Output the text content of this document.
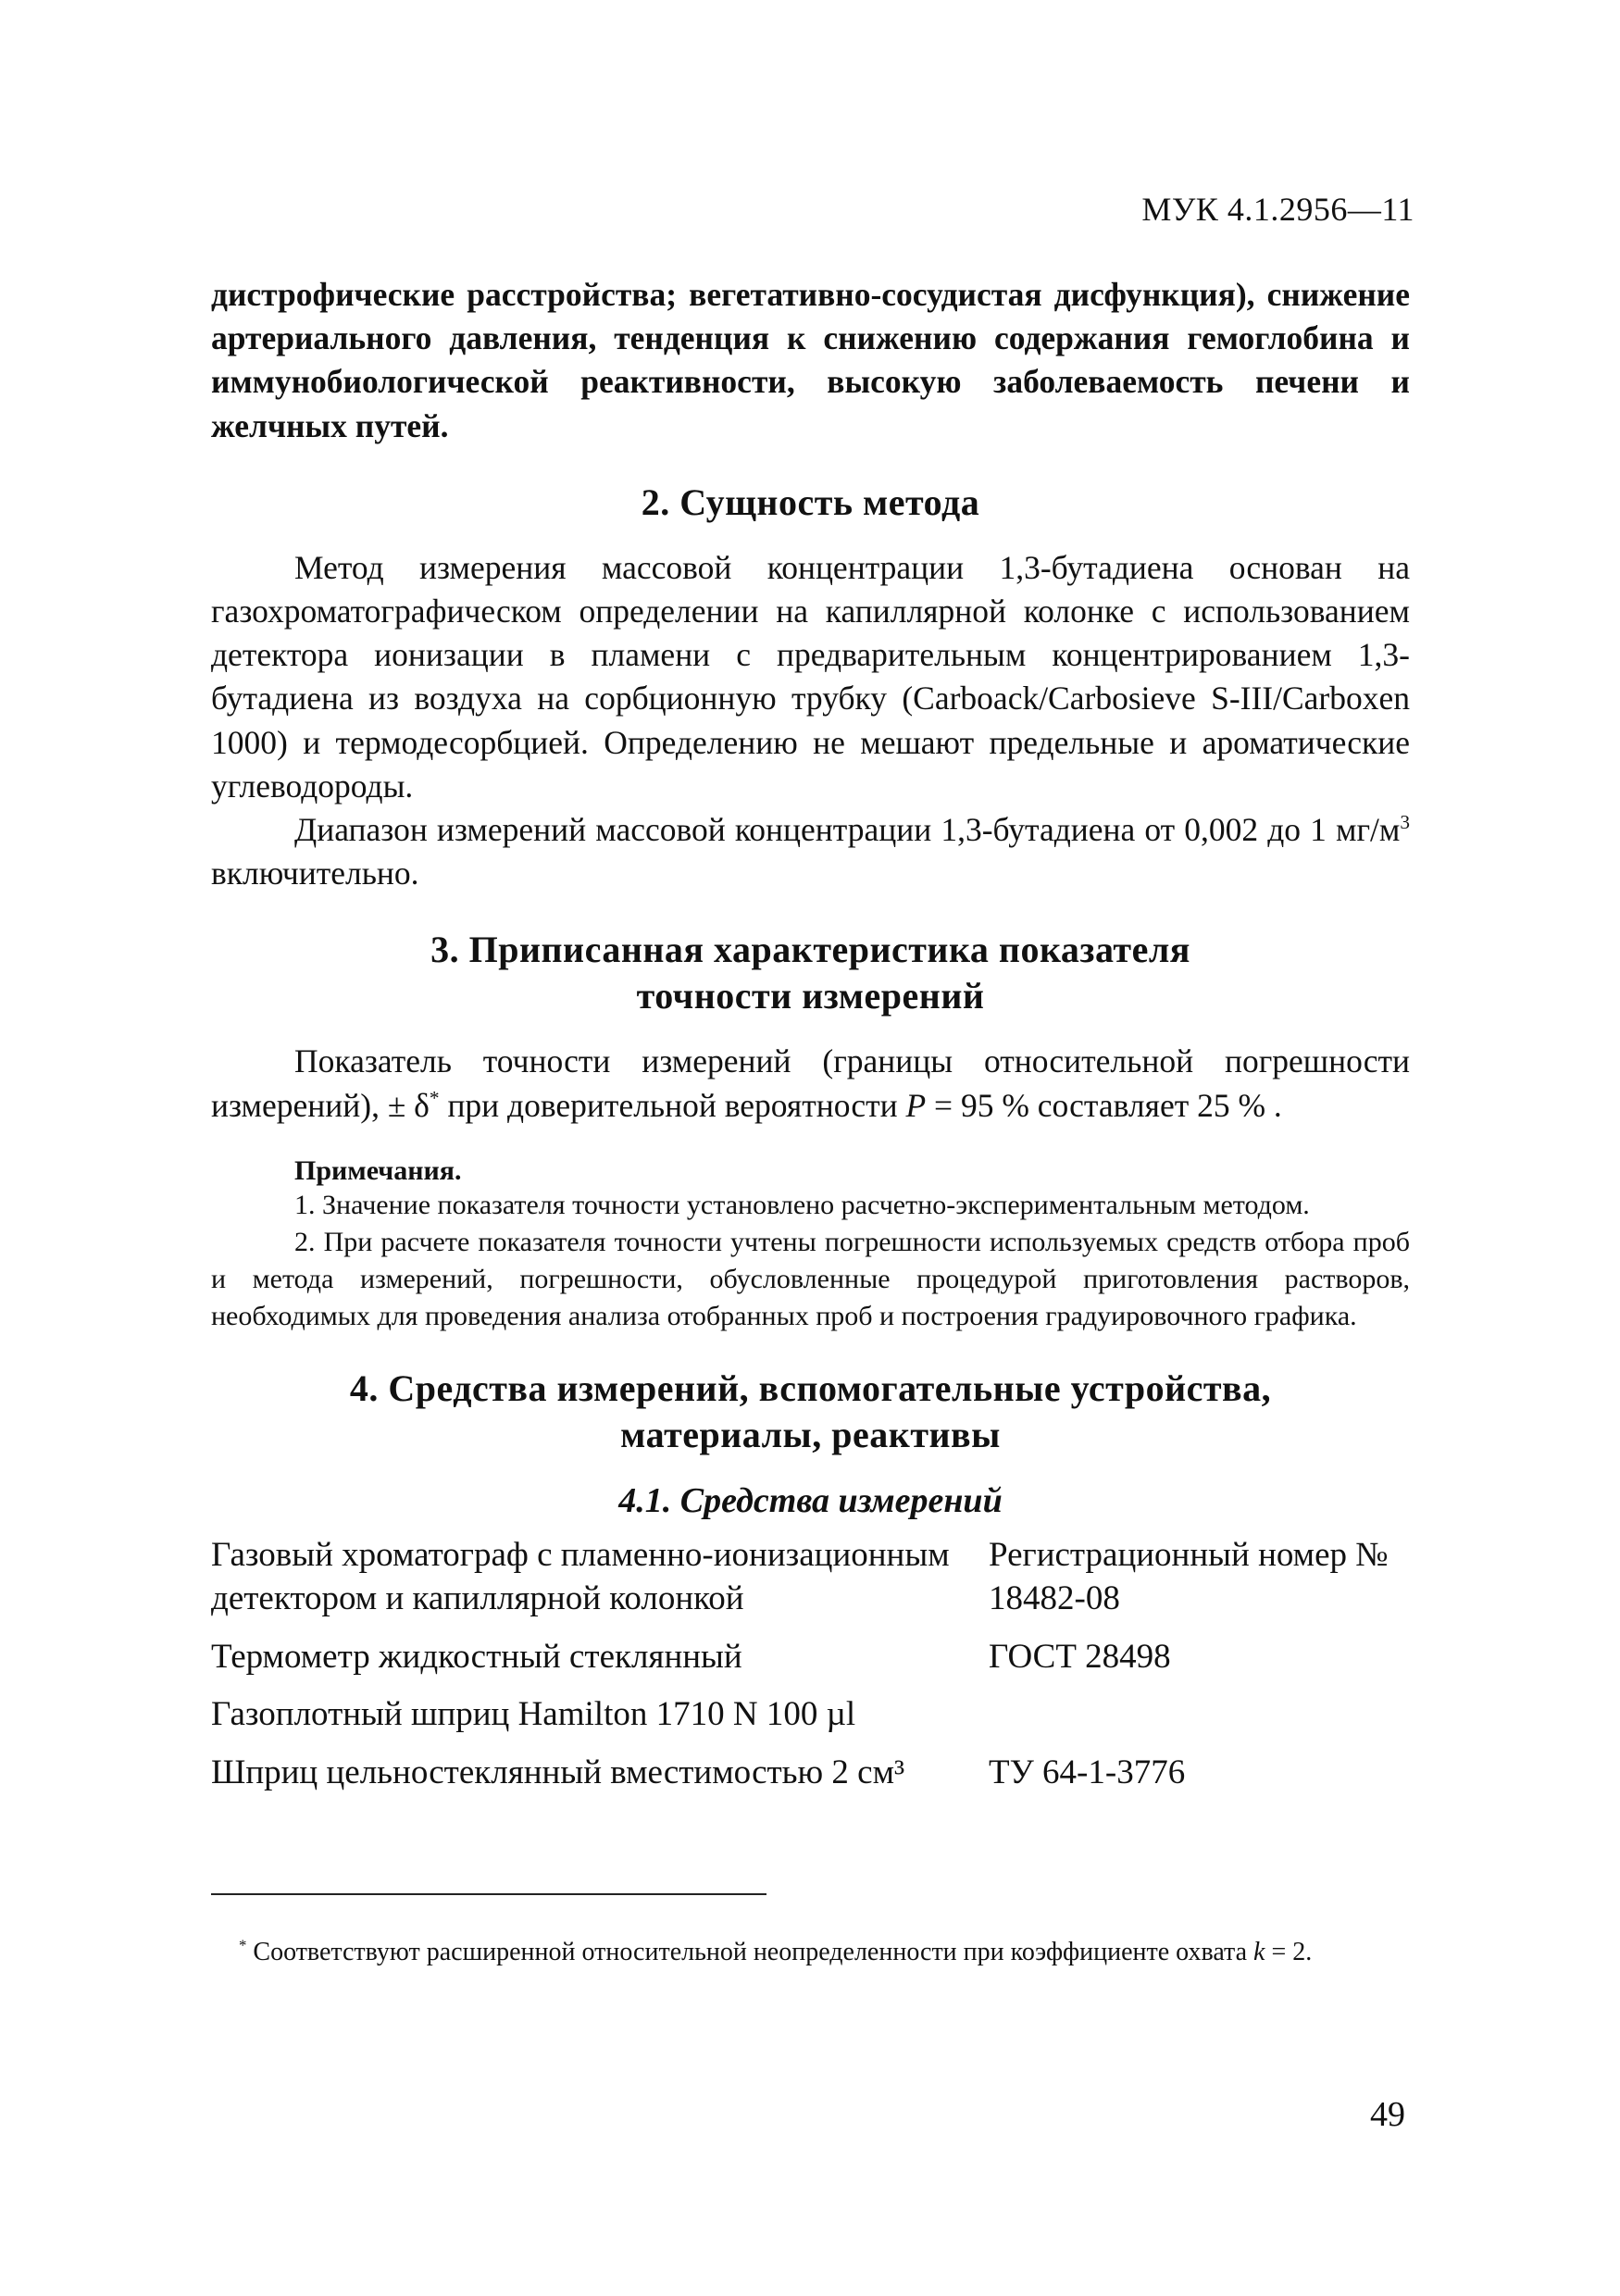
МУК 4.1.2956—11

дистрофические расстройства; вегетативно-сосудистая дисфункция), снижение артериального давления, тенденция к снижению содержания гемоглобина и иммунобиологической реактивности, высокую заболеваемость печени и желчных путей.

2. Сущность метода

Метод измерения массовой концентрации 1,3-бутадиена основан на газохроматографическом определении на капиллярной колонке с использованием детектора ионизации в пламени с предварительным концентрированием 1,3-бутадиена из воздуха на сорбционную трубку (Carboack/Carbosieve S-III/Carboxen 1000) и термодесорбцией. Определению не мешают предельные и ароматические углеводороды.

Диапазон измерений массовой концентрации 1,3-бутадиена от 0,002 до 1 $мг/м^3$ включительно.

3. Приписанная характеристика показателя
точности измерений

Показатель точности измерений (границы относительной погрешности измерений), ± δ* при доверительной вероятности P = 95 % составляет 25 % .

Примечания.

1. Значение показателя точности установлено расчетно-экспериментальным методом.

2. При расчете показателя точности учтены погрешности используемых средств отбора проб и метода измерений, погрешности, обусловленные процедурой приготовления растворов, необходимых для проведения анализа отобранных проб и построения градуировочного графика.

4. Средства измерений, вспомогательные устройства,
материалы, реактивы
4.1. Средства измерений
Газовый хроматограф с пламенно-ионизационным детектором и капиллярной колонкой	Регистрационный номер № 18482-08
Термометр жидкостный стеклянный	ГОСТ 28498
Газоплотный шприц Hamilton 1710 N 100 µl	
Шприц цельностеклянный вместимостью 2 см³	ТУ 64-1-3776

* Соответствуют расширенной относительной неопределенности при коэффициенте охвата k = 2.

49
